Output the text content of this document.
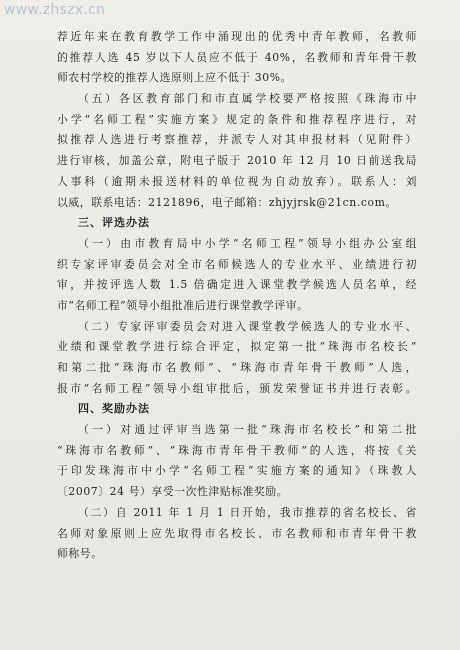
www.zhszx.cn
荐近年来在教育教学工作中涌现出的优秀中青年教师，名教师
的推荐人选 45 岁以下人员应不低于 40%，名教师和青年骨干教
师农村学校的推荐人选原则上应不低于 30%。
（五）各区教育部门和市直属学校要严格按照《珠海市中
小学“名师工程”实施方案》规定的条件和推荐程序进行，对
拟推荐人选进行考察推荐，并派专人对其申报材料（见附件）
进行审核，加盖公章，附电子版于 2010 年 12 月 10 日前送我局
人事科（逾期未报送材料的单位视为自动放弃）。联系人：刘
以威，联系电话：2121896，电子邮箱：zhjyjrsk@21cn.com。
三、评选办法
（一）由市教育局中小学“名师工程”领导小组办公室组
织专家评审委员会对全市名师候选人的专业水平、业绩进行初
审，并按评选人数 1.5 倍确定进入课堂教学候选人员名单，经
市“名师工程”领导小组批准后进行课堂教学评审。
（二）专家评审委员会对进入课堂教学候选人的专业水平、
业绩和课堂教学进行综合评定，拟定第一批“珠海市名校长”
和第二批“珠海市名教师”、“珠海市青年骨干教师”人选，
报市“名师工程”领导小组审批后，颁发荣誉证书并进行表彰。
四、奖励办法
（一）对通过评审当选第一批“珠海市名校长”和第二批
“珠海市名教师”、“珠海市青年骨干教师”的人选，将按《关
于印发珠海市中小学“名师工程”实施方案的通知》（珠教人
〔2007〕24 号）享受一次性津贴标准奖励。
（二）自 2011 年 1 月 1 日开始，我市推荐的省名校长、省
名师对象原则上应先取得市名校长、市名教师和市青年骨干教
师称号。
